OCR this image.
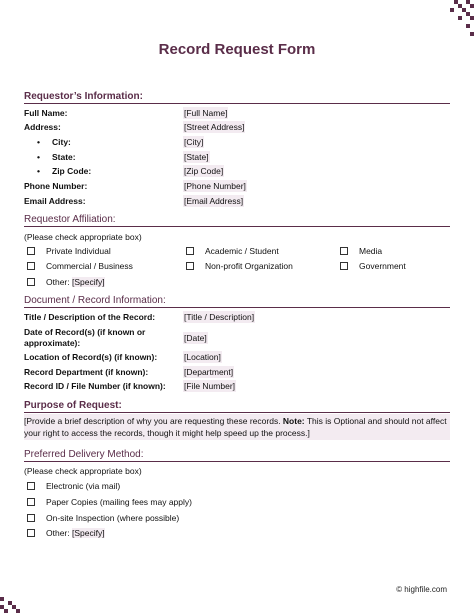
Record Request Form
Requestor’s Information:
Full Name:	[Full Name]
Address:	[Street Address]
• City:	[City]
• State:	[State]
• Zip Code:	[Zip Code]
Phone Number:	[Phone Number]
Email Address:	[Email Address]
Requestor Affiliation:
(Please check appropriate box)
Private Individual	Academic / Student	Media
Commercial / Business	Non-profit Organization	Government
Other: [Specify]
Document / Record Information:
Title / Description of the Record:	[Title / Description]
Date of Record(s) (if known or
approximate):	[Date]
Location of Record(s) (if known):	[Location]
Record Department (if known):	[Department]
Record ID / File Number (if known): [File Number]
Purpose of Request:
[Provide a brief description of why you are requesting these records. Note: This is Optional and should not affect your right to access the records, though it might help speed up the process.]
Preferred Delivery Method:
(Please check appropriate box)
Electronic (via mail)
Paper Copies (mailing fees may apply)
On-site Inspection (where possible)
Other: [Specify]
© highfile.com
